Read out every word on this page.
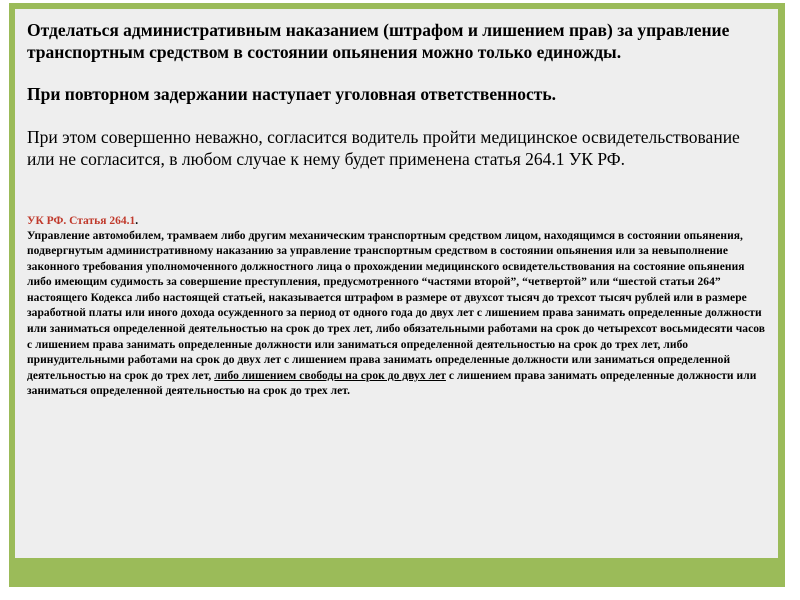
Отделаться административным наказанием (штрафом и лишением прав) за управление транспортным средством в состоянии опьянения можно только единожды.

При повторном задержании наступает уголовная ответственность.

При этом совершенно неважно, согласится водитель пройти медицинское освидетельствование или не согласится, в любом случае к нему будет применена статья 264.1 УК РФ.

УК РФ. Статья 264.1.

Управление автомобилем, трамваем либо другим механическим транспортным средством лицом, находящимся в состоянии опьянения, подвергнутым административному наказанию за управление транспортным средством в состоянии опьянения или за невыполнение законного требования уполномоченного должностного лица о прохождении медицинского освидетельствования на состояние опьянения либо имеющим судимость за совершение преступления, предусмотренного “частями второй”, “четвертой” или “шестой статьи 264” настоящего Кодекса либо настоящей статьей, наказывается штрафом в размере от двухсот тысяч до трехсот тысяч рублей или в размере заработной платы или иного дохода осужденного за период от одного года до двух лет с лишением права занимать определенные должности или заниматься определенной деятельностью на срок до трех лет, либо обязательными работами на срок до четырехсот восьмидесяти часов с лишением права занимать определенные должности или заниматься определенной деятельностью на срок до трех лет, либо принудительными работами на срок до двух лет с лишением права занимать определенные должности или заниматься определенной деятельностью на срок до трех лет, либо лишением свободы на срок до двух лет с лишением права занимать определенные должности или заниматься определенной деятельностью на срок до трех лет.
